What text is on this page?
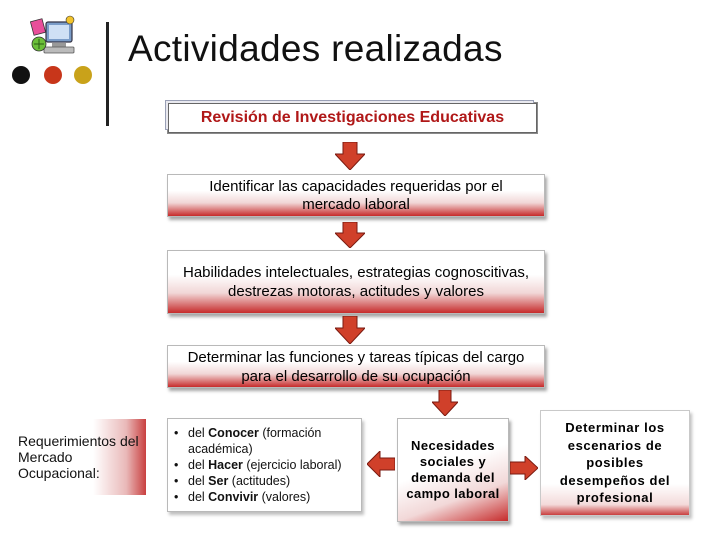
Actividades realizadas
Revisión de Investigaciones Educativas
Identificar las capacidades requeridas por el mercado laboral
Habilidades intelectuales, estrategias cognoscitivas, destrezas motoras, actitudes y valores
Determinar las funciones y tareas típicas del cargo para el desarrollo de su ocupación
Requerimientos del Mercado Ocupacional:
• del Conocer (formación académica)
• del Hacer (ejercicio laboral)
• del Ser (actitudes)
• del Convivir (valores)
Necesidades sociales y demanda del campo laboral
Determinar los escenarios de posibles desempeños del profesional
